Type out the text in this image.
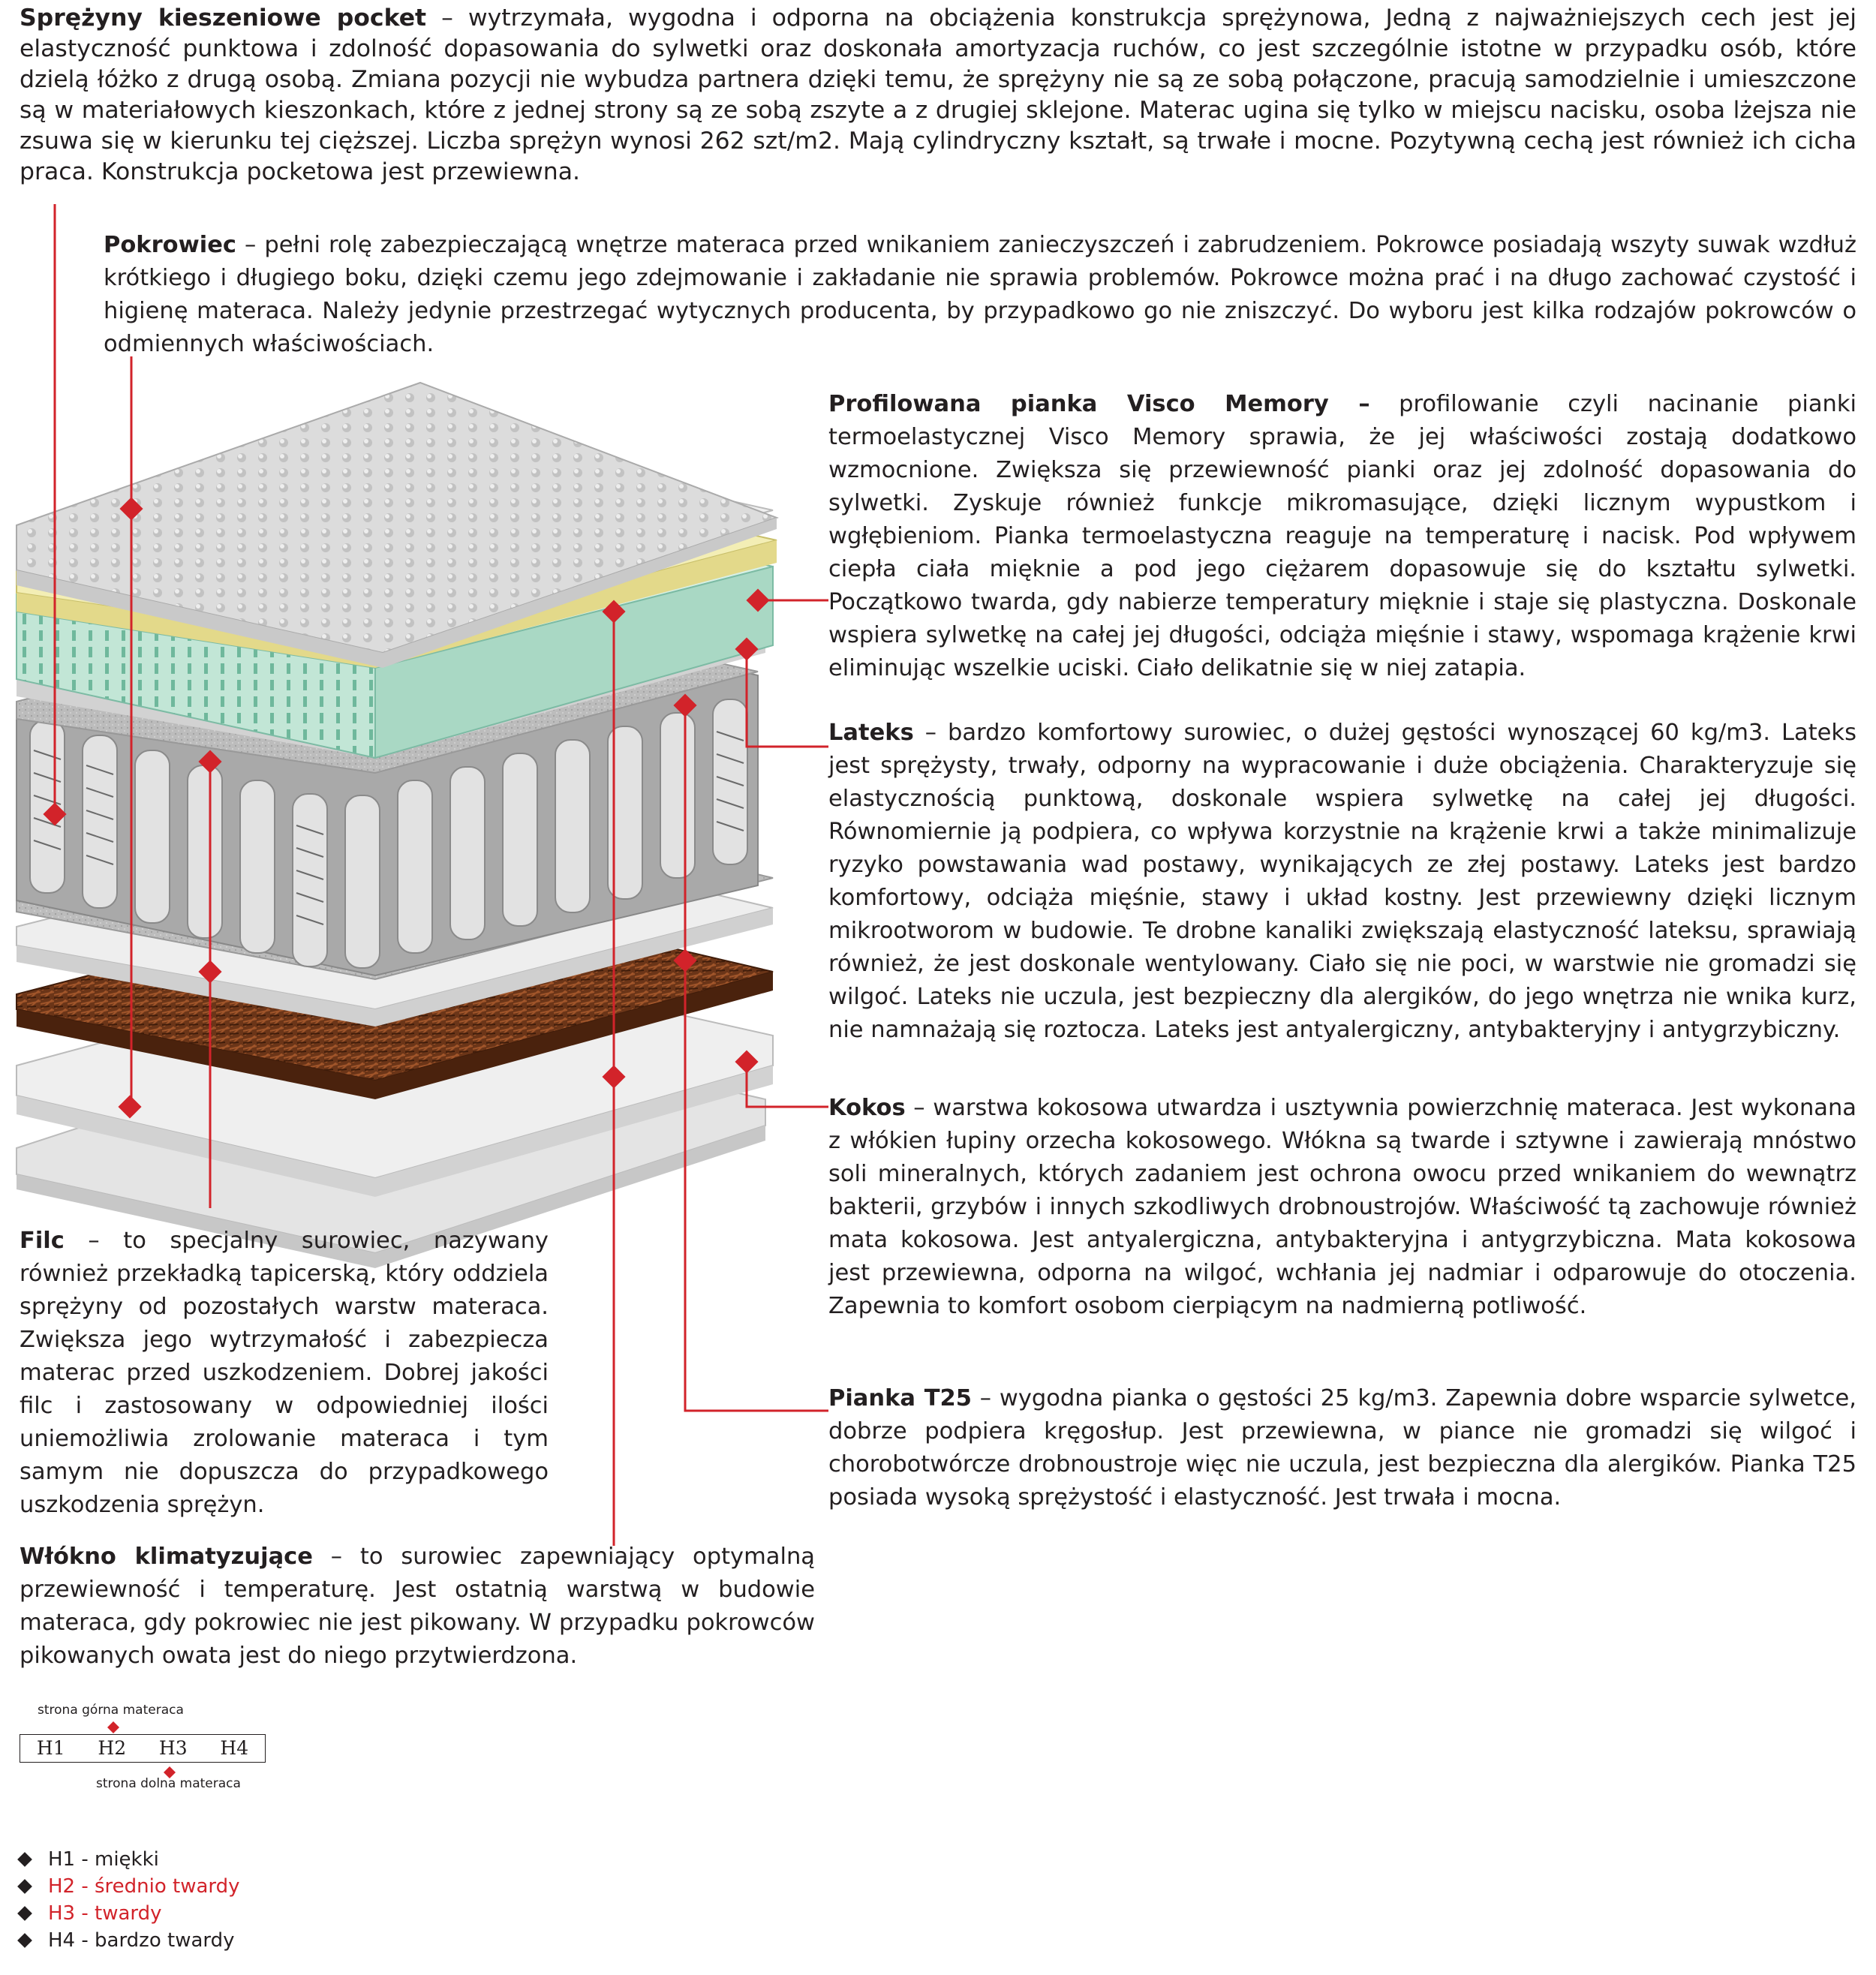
Sprężyny kieszeniowe pocket – wytrzymała, wygodna i odporna na obciążenia konstrukcja sprężynowa, Jedną z najważniejszych cech jest jej elastyczność punktowa i zdolność dopasowania do sylwetki oraz doskonała amortyzacja ruchów, co jest szczególnie istotne w przypadku osób, które dzielą łóżko z drugą osobą. Zmiana pozycji nie wybudza partnera dzięki temu, że sprężyny nie są ze sobą połączone, pracują samodzielnie i umieszczone są w materiałowych kieszonkach, które z jednej strony są ze sobą zszyte a z drugiej sklejone. Materac ugina się tylko w miejscu nacisku, osoba lżejsza nie zsuwa się w kierunku tej cięższej. Liczba sprężyn wynosi 262 szt/m2. Mają cylindryczny kształt, są trwałe i mocne. Pozytywną cechą jest również ich cicha praca. Konstrukcja pocketowa jest przewiewna.

Pokrowiec – pełni rolę zabezpieczającą wnętrze materaca przed wnikaniem zanieczyszczeń i zabrudzeniem. Pokrowce posiadają wszyty suwak wzdłuż krótkiego i długiego boku, dzięki czemu jego zdejmowanie i zakładanie nie sprawia problemów. Pokrowce można prać i na długo zachować czystość i higienę materaca. Należy jedynie przestrzegać wytycznych producenta, by przypadkowo go nie zniszczyć. Do wyboru jest kilka rodzajów pokrowców o odmiennych właściwościach.

Profilowana pianka Visco Memory – profilowanie czyli nacinanie pianki termoelastycznej Visco Memory sprawia, że jej właściwości zostają dodatkowo wzmocnione. Zwiększa się przewiewność pianki oraz jej zdolność dopasowania do sylwetki. Zyskuje również funkcje mikromasujące, dzięki licznym wypustkom i wgłębieniom. Pianka termoelastyczna reaguje na temperaturę i nacisk. Pod wpływem ciepła ciała mięknie a pod jego ciężarem dopasowuje się do kształtu sylwetki. Początkowo twarda, gdy nabierze temperatury mięknie i staje się plastyczna. Doskonale wspiera sylwetkę na całej jej długości, odciąża mięśnie i stawy, wspomaga krążenie krwi eliminując wszelkie uciski. Ciało delikatnie się w niej zatapia.

Lateks – bardzo komfortowy surowiec, o dużej gęstości wynoszącej 60 kg/m3. Lateks jest sprężysty, trwały, odporny na wypracowanie i duże obciążenia. Charakteryzuje się elastycznością punktową, doskonale wspiera sylwetkę na całej jej długości. Równomiernie ją podpiera, co wpływa korzystnie na krążenie krwi a także minimalizuje ryzyko powstawania wad postawy, wynikających ze złej postawy. Lateks jest bardzo komfortowy, odciąża mięśnie, stawy i układ kostny. Jest przewiewny dzięki licznym mikrootworom w budowie. Te drobne kanaliki zwiększają elastyczność lateksu, sprawiają również, że jest doskonale wentylowany. Ciało się nie poci, w warstwie nie gromadzi się wilgoć. Lateks nie uczula, jest bezpieczny dla alergików, do jego wnętrza nie wnika kurz, nie namnażają się roztocza. Lateks jest antyalergiczny, antybakteryjny i antygrzybiczny.

Kokos – warstwa kokosowa utwardza i usztywnia powierzchnię materaca. Jest wykonana z włókien łupiny orzecha kokosowego. Włókna są twarde i sztywne i zawierają mnóstwo soli mineralnych, których zadaniem jest ochrona owocu przed wnikaniem do wewnątrz bakterii, grzybów i innych szkodliwych drobnoustrojów. Właściwość tą zachowuje również mata kokosowa. Jest antyalergiczna, antybakteryjna i antygrzybiczna. Mata kokosowa jest przewiewna, odporna na wilgoć, wchłania jej nadmiar i odparowuje do otoczenia. Zapewnia to komfort osobom cierpiącym na nadmierną potliwość.

Pianka T25 – wygodna pianka o gęstości 25 kg/m3. Zapewnia dobre wsparcie sylwetce, dobrze podpiera kręgosłup. Jest przewiewna, w piance nie gromadzi się wilgoć i chorobotwórcze drobnoustroje więc nie uczula, jest bezpieczna dla alergików. Pianka T25 posiada wysoką sprężystość i elastyczność. Jest trwała i mocna.

Filc – to specjalny surowiec, nazywany również przekładką tapicerską, który oddziela sprężyny od pozostałych warstw materaca. Zwiększa jego wytrzymałość i zabezpiecza materac przed uszkodzeniem. Dobrej jakości filc i zastosowany w odpowiedniej ilości uniemożliwia zrolowanie materaca i tym samym nie dopuszcza do przypadkowego uszkodzenia sprężyn.

Włókno klimatyzujące – to surowiec zapewniający optymalną przewiewność i temperaturę. Jest ostatnią warstwą w budowie materaca, gdy pokrowiec nie jest pikowany. W przypadku pokrowców pikowanych owata jest do niego przytwierdzona.

strona górna materaca
H1	H2	H3	H4
strona dolna materaca
H1 - miękki
H2 - średnio twardy
H3 - twardy
H4 - bardzo twardy
